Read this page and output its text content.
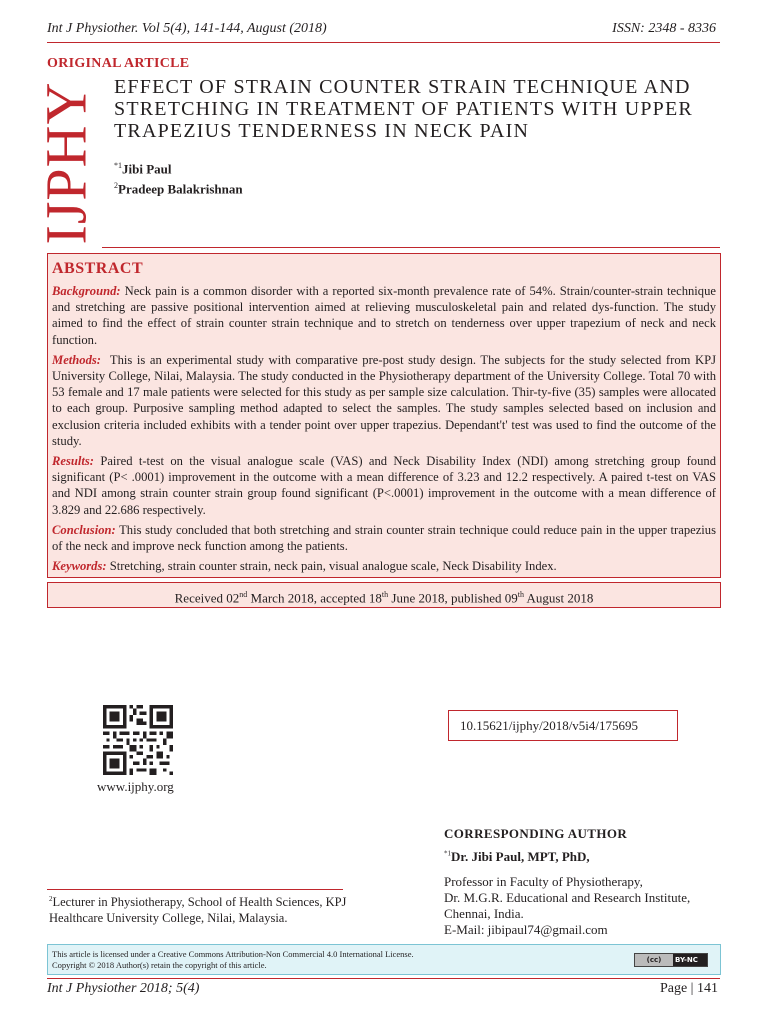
Int J Physiother. Vol 5(4), 141-144, August (2018)	ISSN: 2348 - 8336
ORIGINAL ARTICLE
IJPHY EFFECT OF STRAIN COUNTER STRAIN TECHNIQUE AND
STRETCHING IN TREATMENT OF PATIENTS WITH UPPER
TRAPEZIUS TENDERNESS IN NECK PAIN
$^{*1}$Jibi Paul
$^2$Pradeep Balakrishnan
ABSTRACT

Background: Neck pain is a common disorder with a reported six-month prevalence rate of 54%. Strain/counter-strain technique and stretching are passive positional intervention aimed at relieving musculoskeletal pain and related dys-function. The study aimed to find the effect of strain counter strain technique and to stretch on tenderness over upper trapezium of neck and neck function.

Methods: This is an experimental study with comparative pre-post study design. The subjects for the study selected from KPJ University College, Nilai, Malaysia. The study conducted in the Physiotherapy department of the University College. Total 70 with 53 female and 17 male patients were selected for this study as per sample size calculation. Thir-ty-five (35) samples were allocated to each group. Purposive sampling method adapted to select the samples. The study samples selected based on inclusion and exclusion criteria included exhibits with a tender point over upper trapezius. Dependant't' test was used to find the outcome of the study.

Results: Paired t-test on the visual analogue scale (VAS) and Neck Disability Index (NDI) among stretching group found significant (P< .0001) improvement in the outcome with a mean difference of 3.23 and 12.2 respectively. A paired t-test on VAS and NDI among strain counter strain group found significant (P<.0001) improvement in the outcome with a mean difference of 3.829 and 22.686 respectively.

Conclusion: This study concluded that both stretching and strain counter strain technique could reduce pain in the upper trapezius of the neck and improve neck function among the patients.

Keywords: Stretching, strain counter strain, neck pain, visual analogue scale, Neck Disability Index.

Received 02nd March 2018, accepted 18th June 2018, published 09th August 2018
www.ijphy.org
10.15621/ijphy/2018/v5i4/175695
CORRESPONDING AUTHOR
$^{*1}$Dr. Jibi Paul, MPT, PhD,
Professor in Faculty of Physiotherapy,
Dr. M.G.R. Educational and Research Institute,
Chennai, India.
E-Mail: jibipaul74@gmail.com
$^2$Lecturer in Physiotherapy, School of Health Sciences, KPJ Healthcare University College, Nilai, Malaysia.
This article is licensed under a Creative Commons Attribution-Non Commercial 4.0 International License.
Copyright © 2018 Author(s) retain the copyright of this article.	(cc)	BY-NC
Int J Physiother 2018; 5(4)	Page | 141
